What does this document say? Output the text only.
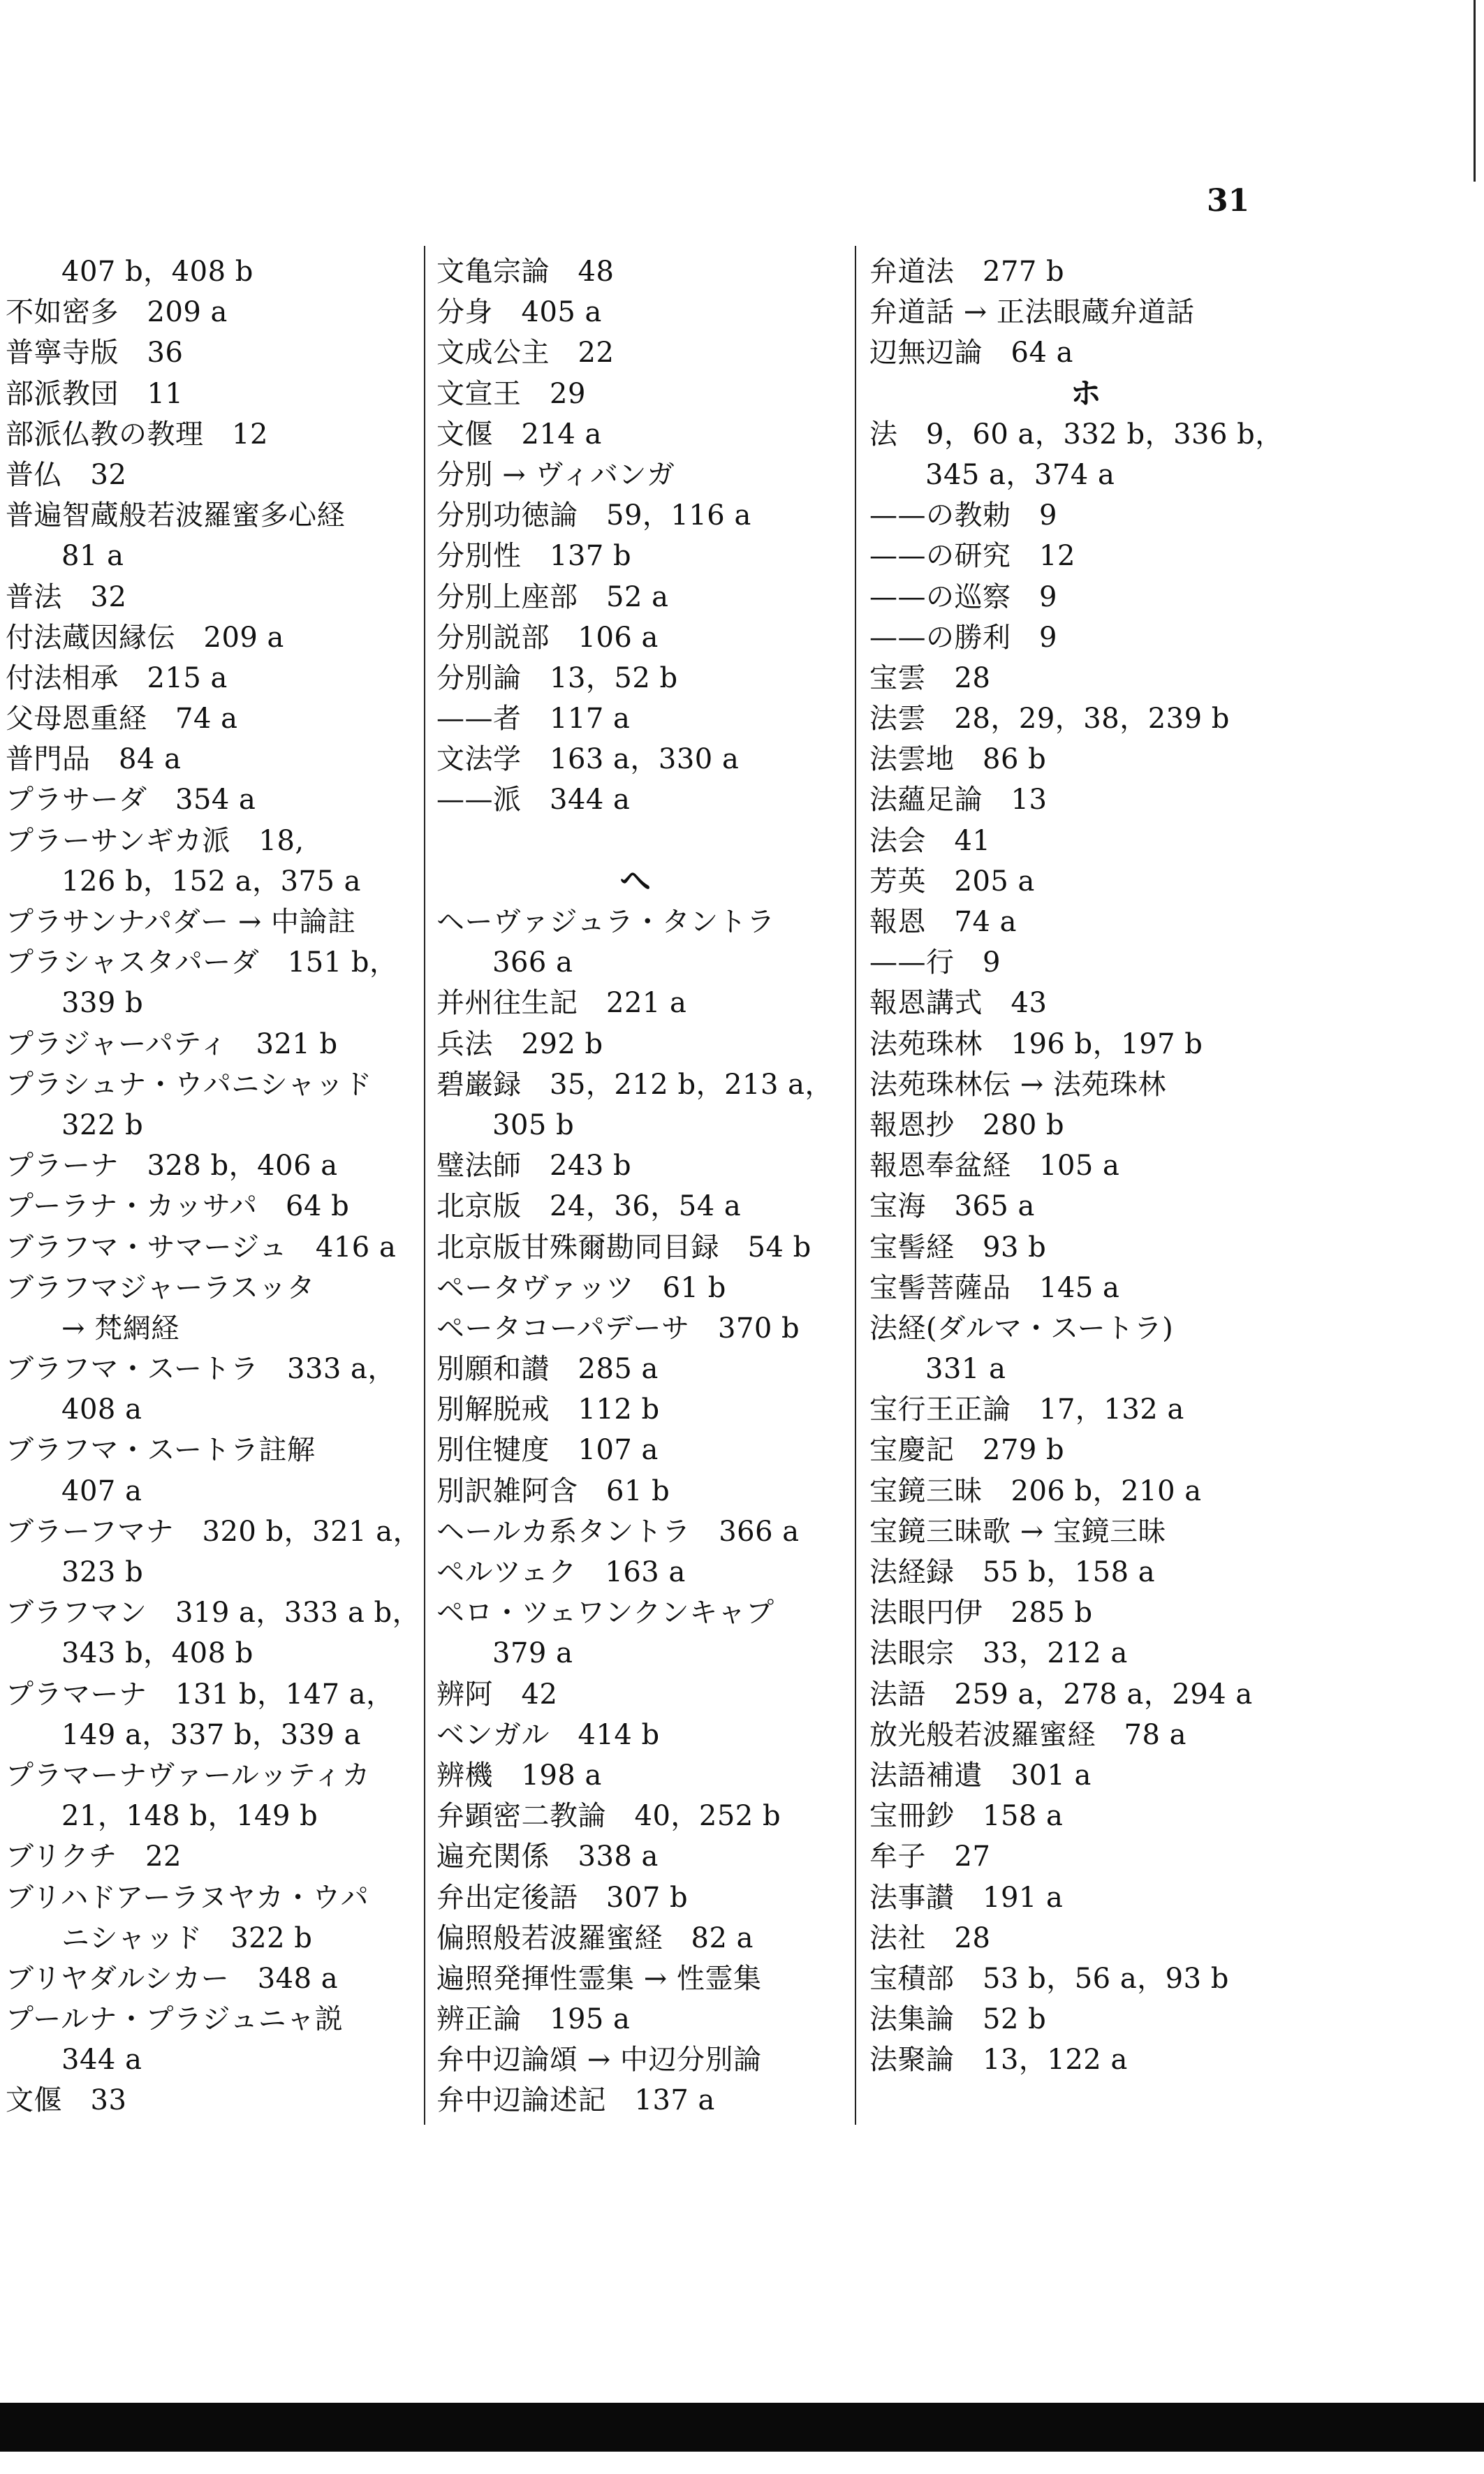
31
407 b，408 b
不如密多　209 a
普寧寺版　36
部派教団　11
部派仏教の教理　12
普仏　32
普遍智蔵般若波羅蜜多心経
81 a
普法　32
付法蔵因縁伝　209 a
付法相承　215 a
父母恩重経　74 a
普門品　84 a
プラサーダ　354 a
プラーサンギカ派　18,
126 b，152 a，375 a
プラサンナパダー → 中論註
プラシャスタパーダ　151 b，
339 b
プラジャーパティ　321 b
プラシュナ・ウパニシャッド
322 b
プラーナ　328 b，406 a
プーラナ・カッサパ　64 b
ブラフマ・サマージュ　416 a
ブラフマジャーラスッタ
→ 梵網経
ブラフマ・スートラ　333 a，
408 a
ブラフマ・スートラ註解
407 a
ブラーフマナ　320 b，321 a，
323 b
ブラフマン　319 a，333 a b，
343 b，408 b
プラマーナ　131 b，147 a，
149 a，337 b，339 a
プラマーナヴァールッティカ
21，148 b，149 b
ブリクチ　22
ブリハドアーラヌヤカ・ウパ
ニシャッド　322 b
ブリヤダルシカー　348 a
プールナ・プラジュニャ説
344 a
文偃　33
文亀宗論　48
分身　405 a
文成公主　22
文宣王　29
文偃　214 a
分別 → ヴィバンガ
分別功徳論　59，116 a
分別性　137 b
分別上座部　52 a
分別説部　106 a
分別論　13，52 b
——者　117 a
文法学　163 a，330 a
——派　344 a
へ
ヘーヴァジュラ・タントラ
366 a
并州往生記　221 a
兵法　292 b
碧巌録　35，212 b，213 a，
305 b
璧法師　243 b
北京版　24，36，54 a
北京版甘殊爾勘同目録　54 b
ペータヴァッツ　61 b
ペータコーパデーサ　370 b
別願和讃　285 a
別解脱戒　112 b
別住犍度　107 a
別訳雑阿含　61 b
ヘールカ系タントラ　366 a
ペルツェク　163 a
ペロ・ツェワンクンキャプ
379 a
辨阿　42
ベンガル　414 b
辨機　198 a
弁顕密二教論　40，252 b
遍充関係　338 a
弁出定後語　307 b
偏照般若波羅蜜経　82 a
遍照発揮性霊集 → 性霊集
辨正論　195 a
弁中辺論頌 → 中辺分別論
弁中辺論述記　137 a
弁道法　277 b
弁道話 → 正法眼蔵弁道話
辺無辺論　64 a
ホ
法　9，60 a，332 b，336 b，
345 a，374 a
——の教勅　9
——の研究　12
——の巡察　9
——の勝利　9
宝雲　28
法雲　28，29，38，239 b
法雲地　86 b
法蘊足論　13
法会　41
芳英　205 a
報恩　74 a
——行　9
報恩講式　43
法苑珠林　196 b，197 b
法苑珠林伝 → 法苑珠林
報恩抄　280 b
報恩奉盆経　105 a
宝海　365 a
宝髻経　93 b
宝髻菩薩品　145 a
法経(ダルマ・スートラ)
331 a
宝行王正論　17，132 a
宝慶記　279 b
宝鏡三昧　206 b，210 a
宝鏡三昧歌 → 宝鏡三昧
法経録　55 b，158 a
法眼円伊　285 b
法眼宗　33，212 a
法語　259 a，278 a，294 a
放光般若波羅蜜経　78 a
法語補遺　301 a
宝冊鈔　158 a
牟子　27
法事讃　191 a
法社　28
宝積部　53 b，56 a，93 b
法集論　52 b
法聚論　13，122 a
